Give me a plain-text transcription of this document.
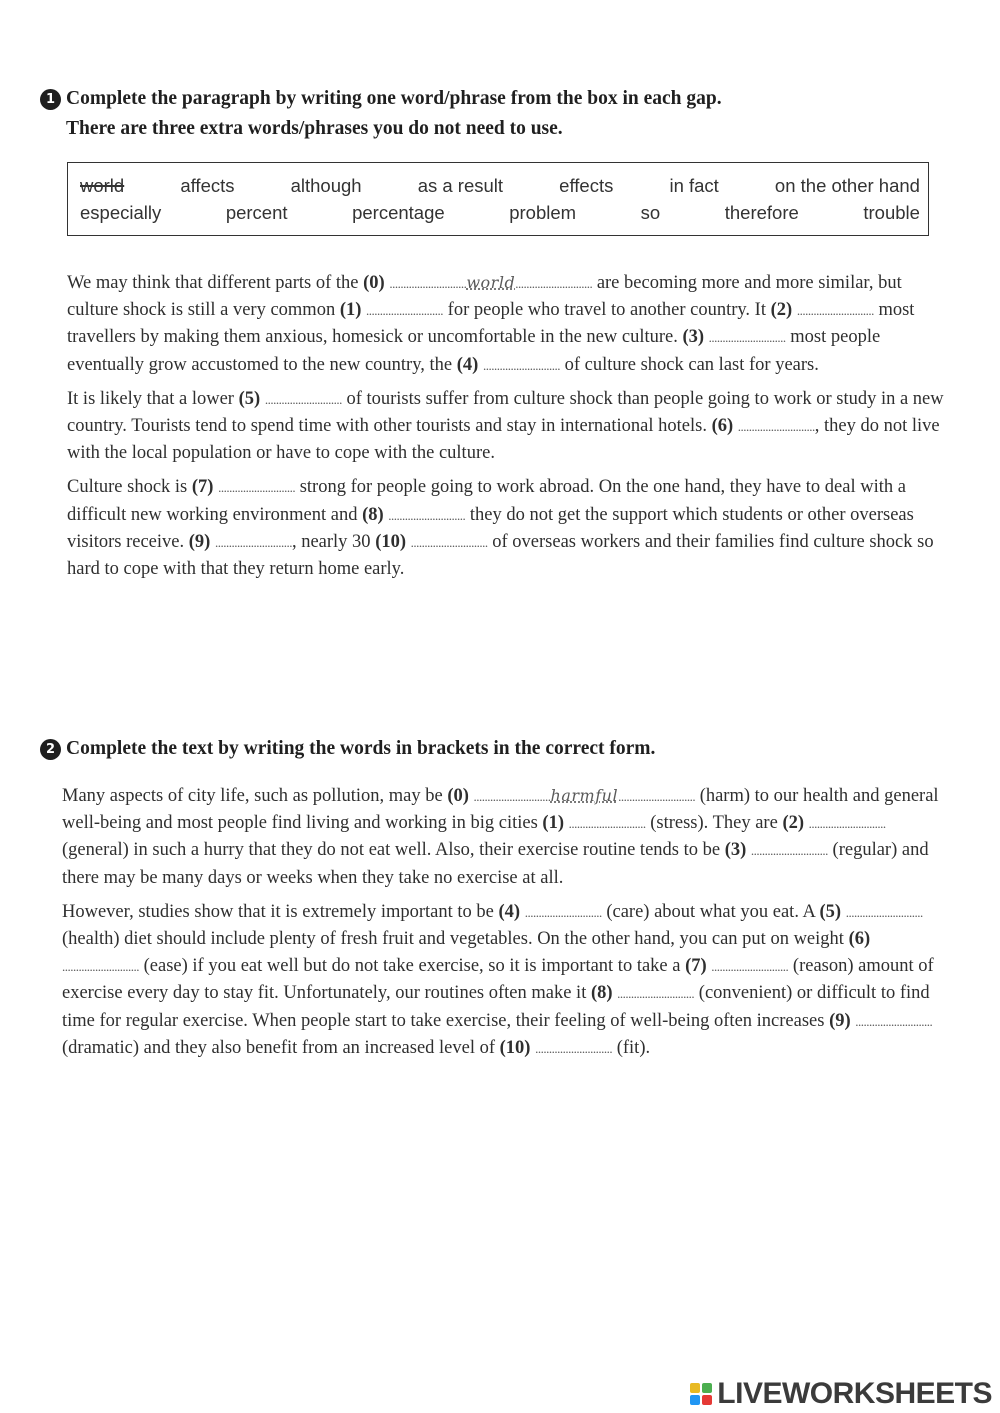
1 Complete the paragraph by writing one word/phrase from the box in each gap.
There are three extra words/phrases you do not need to use.
world	affects	although	as a result	effects	in fact	on the other hand
especially	percent	percentage	problem	so	therefore	trouble

We may think that different parts of the (0) ............................world............................ are becoming more and more similar, but culture shock is still a very common (1) ............................ for people who travel to another country. It (2) ............................ most travellers by making them anxious, homesick or uncomfortable in the new culture. (3) ............................ most people eventually grow accustomed to the new country, the (4) ............................ of culture shock can last for years.

It is likely that a lower (5) ............................ of tourists suffer from culture shock than people going to work or study in a new country. Tourists tend to spend time with other tourists and stay in international hotels. (6) ............................, they do not live with the local population or have to cope with the culture.

Culture shock is (7) ............................ strong for people going to work abroad. On the one hand, they have to deal with a difficult new working environment and (8) ............................ they do not get the support which students or other overseas visitors receive. (9) ............................, nearly 30 (10) ............................ of overseas workers and their families find culture shock so hard to cope with that they return home early.

2 Complete the text by writing the words in brackets in the correct form.

Many aspects of city life, such as pollution, may be (0) ............................harmful............................ (harm) to our health and general well-being and most people find living and working in big cities (1) ............................ (stress). They are (2) ............................ (general) in such a hurry that they do not eat well. Also, their exercise routine tends to be (3) ............................ (regular) and there may be many days or weeks when they take no exercise at all.

However, studies show that it is extremely important to be (4) ............................ (care) about what you eat. A (5) ............................ (health) diet should include plenty of fresh fruit and vegetables. On the other hand, you can put on weight (6) ............................ (ease) if you eat well but do not take exercise, so it is important to take a (7) ............................ (reason) amount of exercise every day to stay fit. Unfortunately, our routines often make it (8) ............................ (convenient) or difficult to find time for regular exercise. When people start to take exercise, their feeling of well-being often increases (9) ............................ (dramatic) and they also benefit from an increased level of (10) ............................ (fit).

LIVEWORKSHEETS
